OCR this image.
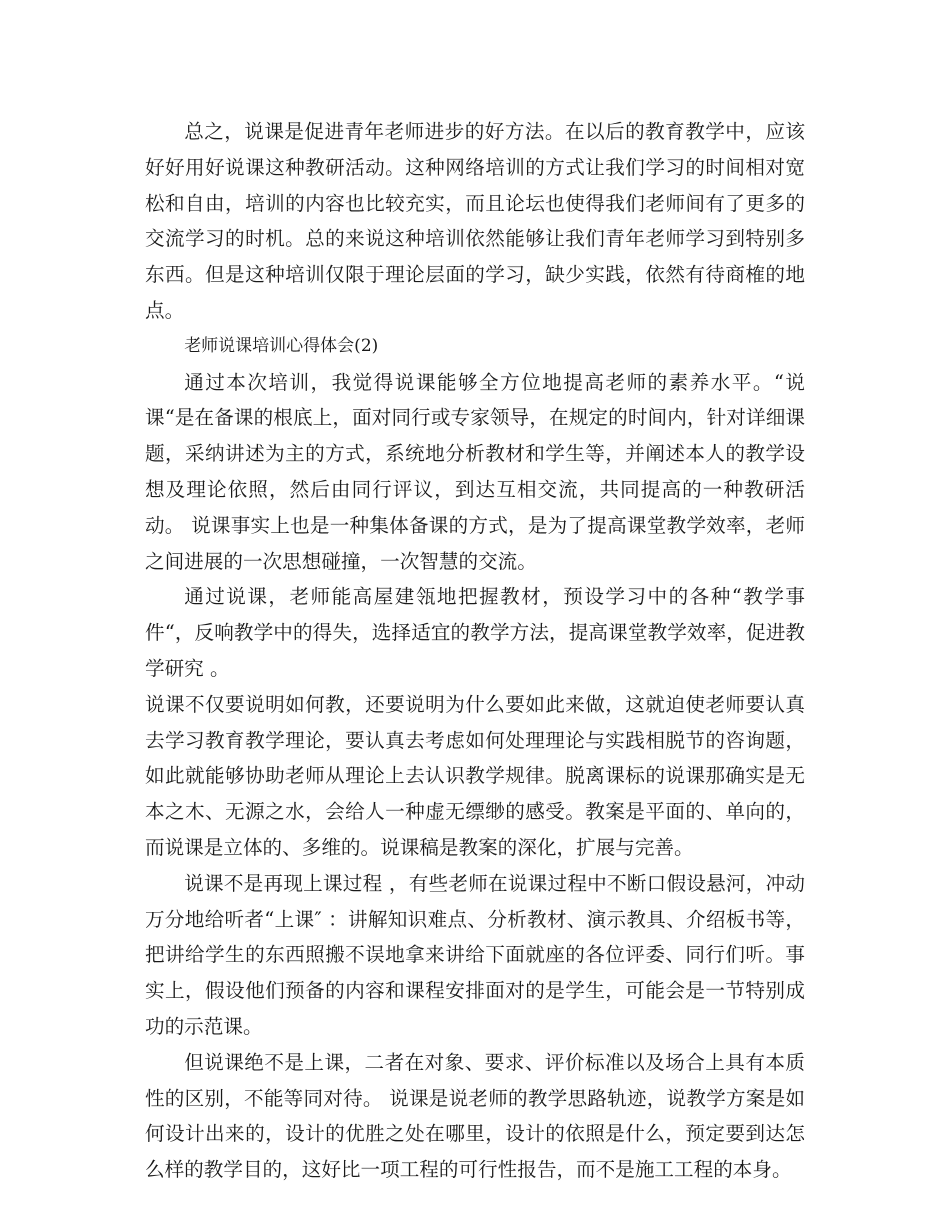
总之，说课是促进青年老师进步的好方法。在以后的教育教学中，应该好好用好说课这种教研活动。这种网络培训的方式让我们学习的时间相对宽松和自由，培训的内容也比较充实，而且论坛也使得我们老师间有了更多的交流学习的时机。总的来说这种培训依然能够让我们青年老师学习到特别多东西。但是这种培训仅限于理论层面的学习，缺少实践，依然有待商榷的地点。

老师说课培训心得体会(2)

通过本次培训，我觉得说课能够全方位地提高老师的素养水平。“说课“是在备课的根底上，面对同行或专家领导，在规定的时间内，针对详细课题，采纳讲述为主的方式，系统地分析教材和学生等，并阐述本人的教学设想及理论依照，然后由同行评议，到达互相交流，共同提高的一种教研活动。 说课事实上也是一种集体备课的方式，是为了提高课堂教学效率，老师之间进展的一次思想碰撞，一次智慧的交流。

通过说课，老师能高屋建瓴地把握教材，预设学习中的各种“教学事件“，反响教学中的得失，选择适宜的教学方法，提高课堂教学效率，促进教学研究 。

说课不仅要说明如何教，还要说明为什么要如此来做，这就迫使老师要认真去学习教育教学理论，要认真去考虑如何处理理论与实践相脱节的咨询题，如此就能够协助老师从理论上去认识教学规律。脱离课标的说课那确实是无本之木、无源之水，会给人一种虚无缥缈的感受。教案是平面的、单向的，而说课是立体的、多维的。说课稿是教案的深化，扩展与完善。

说课不是再现上课过程 ，有些老师在说课过程中不断口假设悬河，冲动万分地给听者“上课″ ：讲解知识难点、分析教材、演示教具、介绍板书等，把讲给学生的东西照搬不误地拿来讲给下面就座的各位评委、同行们听。事实上，假设他们预备的内容和课程安排面对的是学生，可能会是一节特别成功的示范课。

但说课绝不是上课，二者在对象、要求、评价标准以及场合上具有本质性的区别，不能等同对待。 说课是说老师的教学思路轨迹，说教学方案是如何设计出来的，设计的优胜之处在哪里，设计的依照是什么，预定要到达怎么样的教学目的，这好比一项工程的可行性报告，而不是施工工程的本身。
